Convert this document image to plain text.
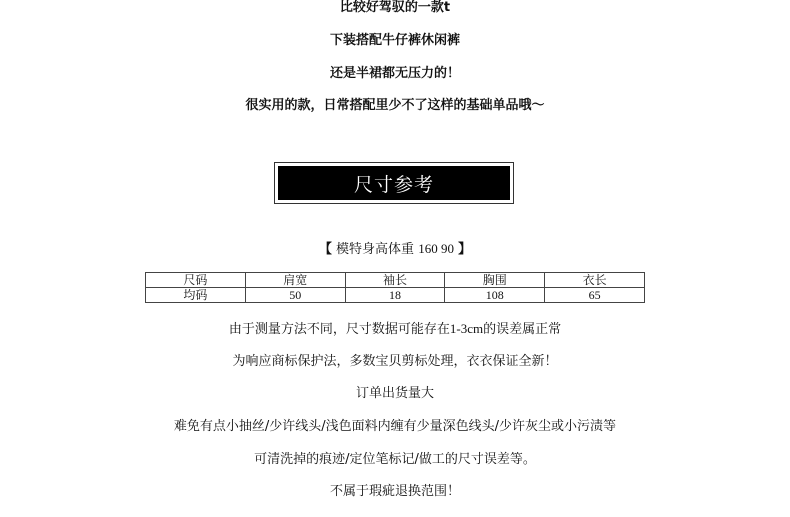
比较好驾驭的一款t
下装搭配牛仔裤休闲裤
还是半裙都无压力的！
很实用的款，日常搭配里少不了这样的基础单品哦～
尺寸参考
【 模特身高体重 160 90 】
尺码	肩宽	袖长	胸围	衣长
均码	50	18	108	65
由于测量方法不同，尺寸数据可能存在1-3cm的误差属正常
为响应商标保护法，多数宝贝剪标处理，衣衣保证全新！
订单出货量大
难免有点小抽丝/少许线头/浅色面料内缠有少量深色线头/少许灰尘或小污渍等
可清洗掉的痕迹/定位笔标记/做工的尺寸误差等。
不属于瑕疵退换范围！
